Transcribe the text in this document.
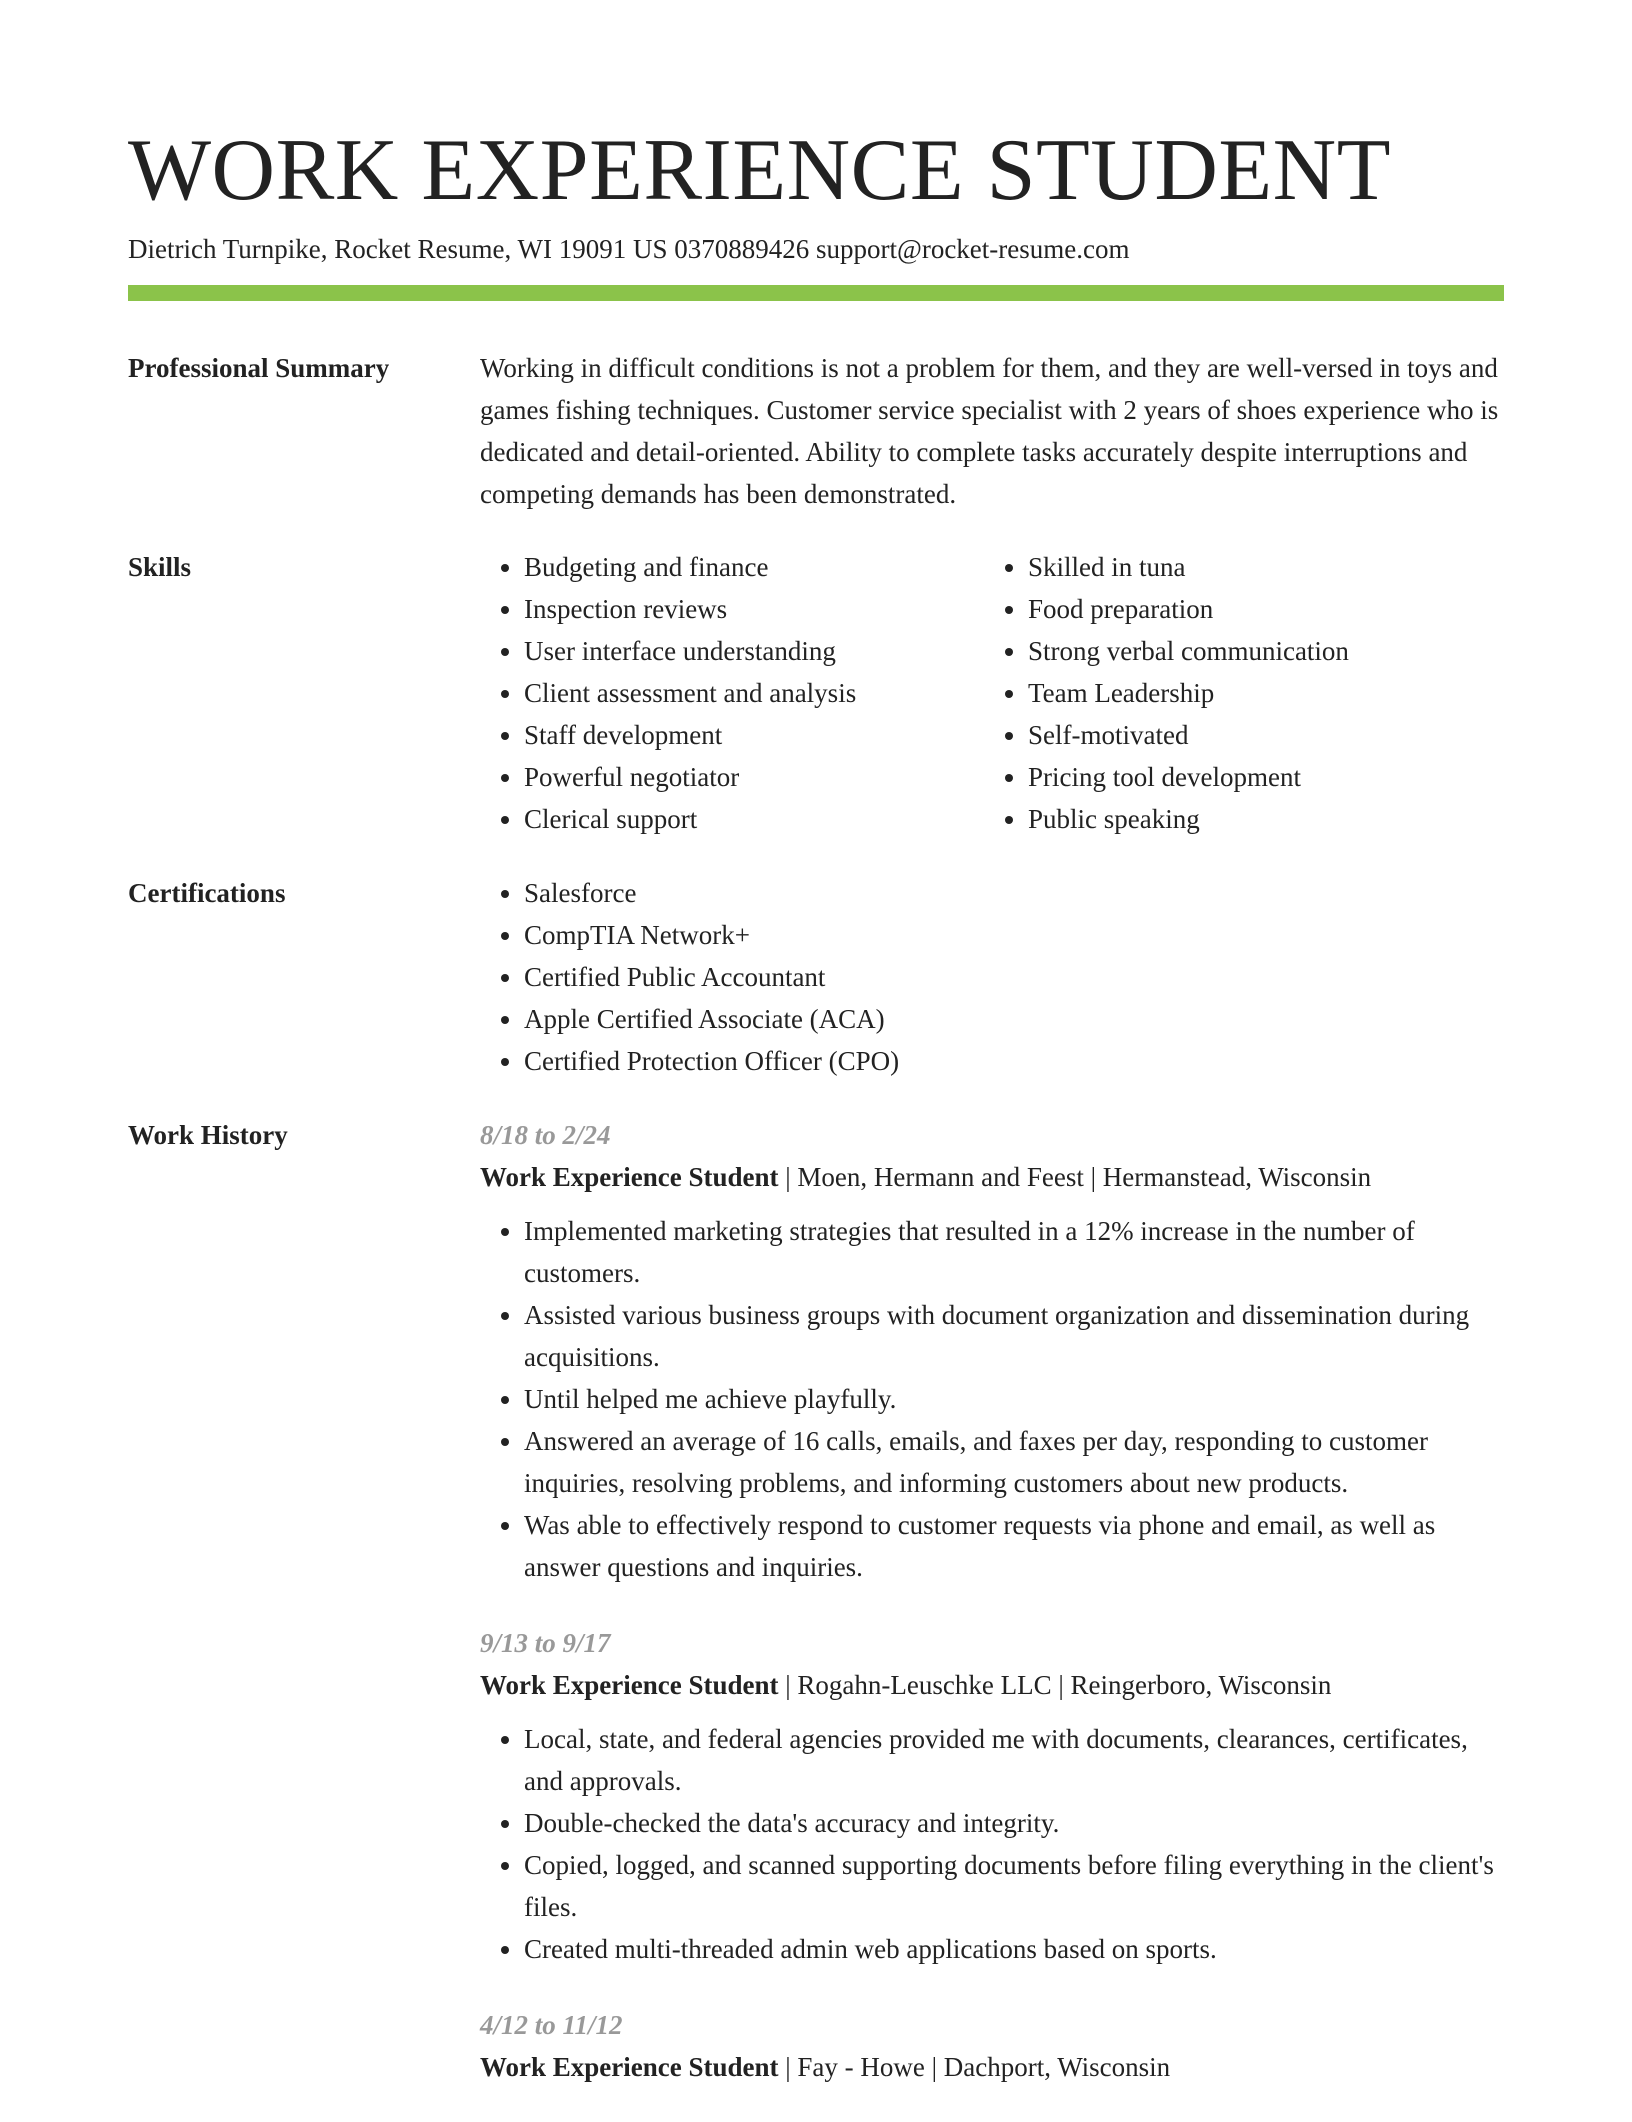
WORK EXPERIENCE STUDENT
Dietrich Turnpike, Rocket Resume, WI 19091 US 0370889426 support@rocket-resume.com
Professional Summary	Working in difficult conditions is not a problem for them, and they are well-versed in toys and games fishing techniques. Customer service specialist with 2 years of shoes experience who is dedicated and detail-oriented. Ability to complete tasks accurately despite interruptions and competing demands has been demonstrated.

Skills	• Budgeting and finance
• Inspection reviews
• User interface understanding
• Client assessment and analysis
• Staff development
• Powerful negotiator
• Clerical support
• Skilled in tuna
• Food preparation
• Strong verbal communication
• Team Leadership
• Self-motivated
• Pricing tool development
• Public speaking
Certifications	• Salesforce
• CompTIA Network+
• Certified Public Accountant
• Apple Certified Associate (ACA)
• Certified Protection Officer (CPO)
Work History	8/18 to 2/24
Work Experience Student | Moen, Hermann and Feest | Hermanstead, Wisconsin
• Implemented marketing strategies that resulted in a 12% increase in the number of customers.
• Assisted various business groups with document organization and dissemination during acquisitions.
• Until helped me achieve playfully.
• Answered an average of 16 calls, emails, and faxes per day, responding to customer inquiries, resolving problems, and informing customers about new products.
• Was able to effectively respond to customer requests via phone and email, as well as answer questions and inquiries.
9/13 to 9/17
Work Experience Student | Rogahn-Leuschke LLC | Reingerboro, Wisconsin
• Local, state, and federal agencies provided me with documents, clearances, certificates, and approvals.
• Double-checked the data's accuracy and integrity.
• Copied, logged, and scanned supporting documents before filing everything in the client's files.
• Created multi-threaded admin web applications based on sports.
4/12 to 11/12
Work Experience Student | Fay - Howe | Dachport, Wisconsin
